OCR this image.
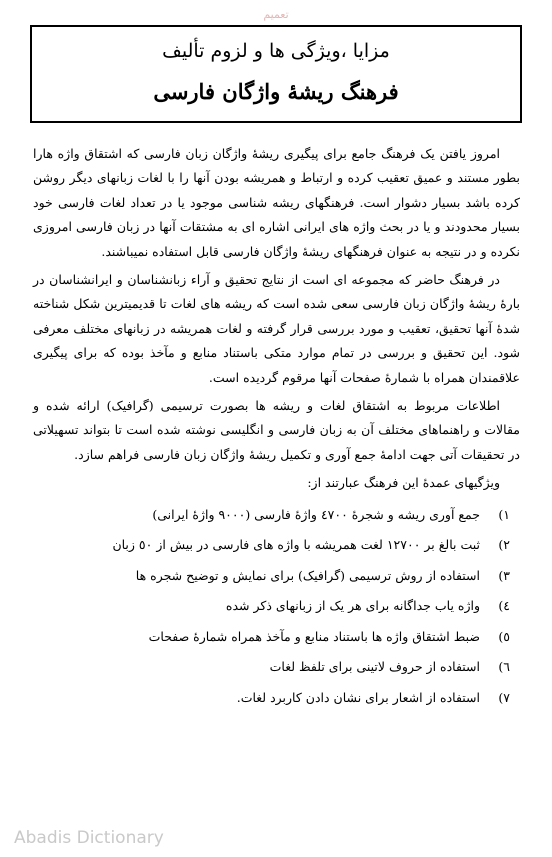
تعمیم
مزایا ،ویژگی ها و لزوم تألیف
فرهنگ ریشهٔ واژگان فارسی

امروز یافتن یک فرهنگ جامع برای پیگیری ریشهٔ واژگان زبان فارسی که اشتقاق واژه هارا بطور مستند و عمیق تعقیب کرده و ارتباط و همریشه بودن آنها را با لغات زبانهای دیگر روشن کرده باشد بسیار دشوار است. فرهنگهای ریشه شناسی موجود یا در تعداد لغات فارسی خود بسیار محدودند و یا در بحث واژه های ایرانی اشاره ای به مشتقات آنها در زبان فارسی امروزی نکرده و در نتیجه به عنوان فرهنگهای ریشهٔ واژگان فارسی قابل استفاده نمیباشند.

در فرهنگ حاضر که مجموعه ای است از نتایج تحقیق و آراء زبانشناسان و ایرانشناسان در بارهٔ ریشهٔ واژگان زبان فارسی سعی شده است که ریشه های لغات تا قدیمیترین شکل شناخته شدهٔ آنها تحقیق، تعقیب و مورد بررسی قرار گرفته و لغات همریشه در زبانهای مختلف معرفی شود. این تحقیق و بررسی در تمام موارد متکی باستناد منابع و مآخذ بوده که برای پیگیری علاقمندان همراه با شمارهٔ صفحات آنها مرقوم گردیده است.

اطلاعات مربوط به اشتقاق لغات و ریشه ها بصورت ترسیمی (گرافیک) ارائه شده و مقالات و راهنماهای مختلف آن به زبان فارسی و انگلیسی نوشته شده است تا بتواند تسهیلاتی در تحقیقات آتی جهت ادامهٔ جمع آوری و تکمیل ریشهٔ واژگان زبان فارسی فراهم سازد.

ویژگیهای عمدهٔ این فرهنگ عبارتند از:
۱)
جمع آوری ریشه و شجرهٔ ٤٧٠٠ واژهٔ فارسی (٩٠٠٠ واژهٔ ایرانی)
۲)
ثبت بالغ بر ١٢٧٠٠ لغت همریشه با واژه های فارسی در بیش از ٥٠ زبان
۳)
استفاده از روش ترسیمی (گرافیک) برای نمایش و توضیح شجره ها
٤)
واژه یاب جداگانه برای هر یک از زبانهای ذکر شده
٥)
ضبط اشتقاق واژه ها باستناد منابع و مآخذ همراه شمارهٔ صفحات
٦)
استفاده از حروف لاتینی برای تلفظ لغات
٧)
استفاده از اشعار برای نشان دادن کاربرد لغات.
Abadis Dictionary
